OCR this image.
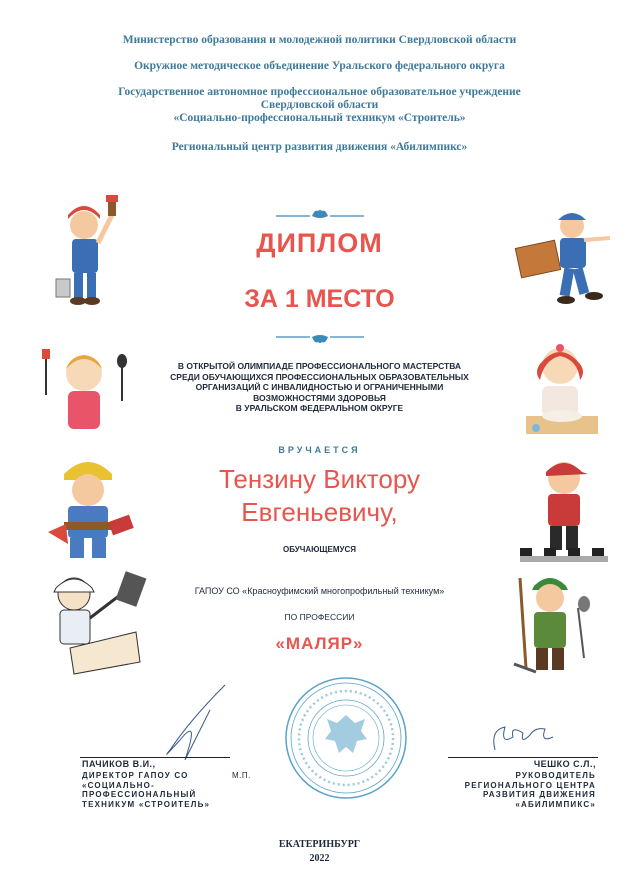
Министерство образования и молодежной политики Свердловской области
Окружное методическое объединение Уральского федерального округа
Государственное автономное профессиональное образовательное учреждение
Свердловской области
«Социально-профессиональный техникум «Строитель»
Региональный центр развития движения «Абилимпикс»
ДИПЛОМ
ЗА 1 МЕСТО
В ОТКРЫТОЙ ОЛИМПИАДЕ ПРОФЕССИОНАЛЬНОГО МАСТЕРСТВА
СРЕДИ ОБУЧАЮЩИХСЯ ПРОФЕССИОНАЛЬНЫХ ОБРАЗОВАТЕЛЬНЫХ
ОРГАНИЗАЦИЙ С ИНВАЛИДНОСТЬЮ И ОГРАНИЧЕННЫМИ
ВОЗМОЖНОСТЯМИ ЗДОРОВЬЯ
В УРАЛЬСКОМ ФЕДЕРАЛЬНОМ ОКРУГЕ
ВРУЧАЕТСЯ
Тензину Виктору
Евгеньевичу,
ОБУЧАЮЩЕМУСЯ
ГАПОУ СО «Красноуфимский многопрофильный техникум»
ПО ПРОФЕССИИ
«МАЛЯР»
ПАЧИКОВ В.И.,
ДИРЕКТОР ГАПОУ СО
«СОЦИАЛЬНО-
ПРОФЕССИОНАЛЬНЫЙ
ТЕХНИКУМ «СТРОИТЕЛЬ»
М.П.
ЧЕШКО С.Л.,
РУКОВОДИТЕЛЬ
РЕГИОНАЛЬНОГО ЦЕНТРА
РАЗВИТИЯ ДВИЖЕНИЯ
«АБИЛИМПИКС»
ЕКАТЕРИНБУРГ
2022
